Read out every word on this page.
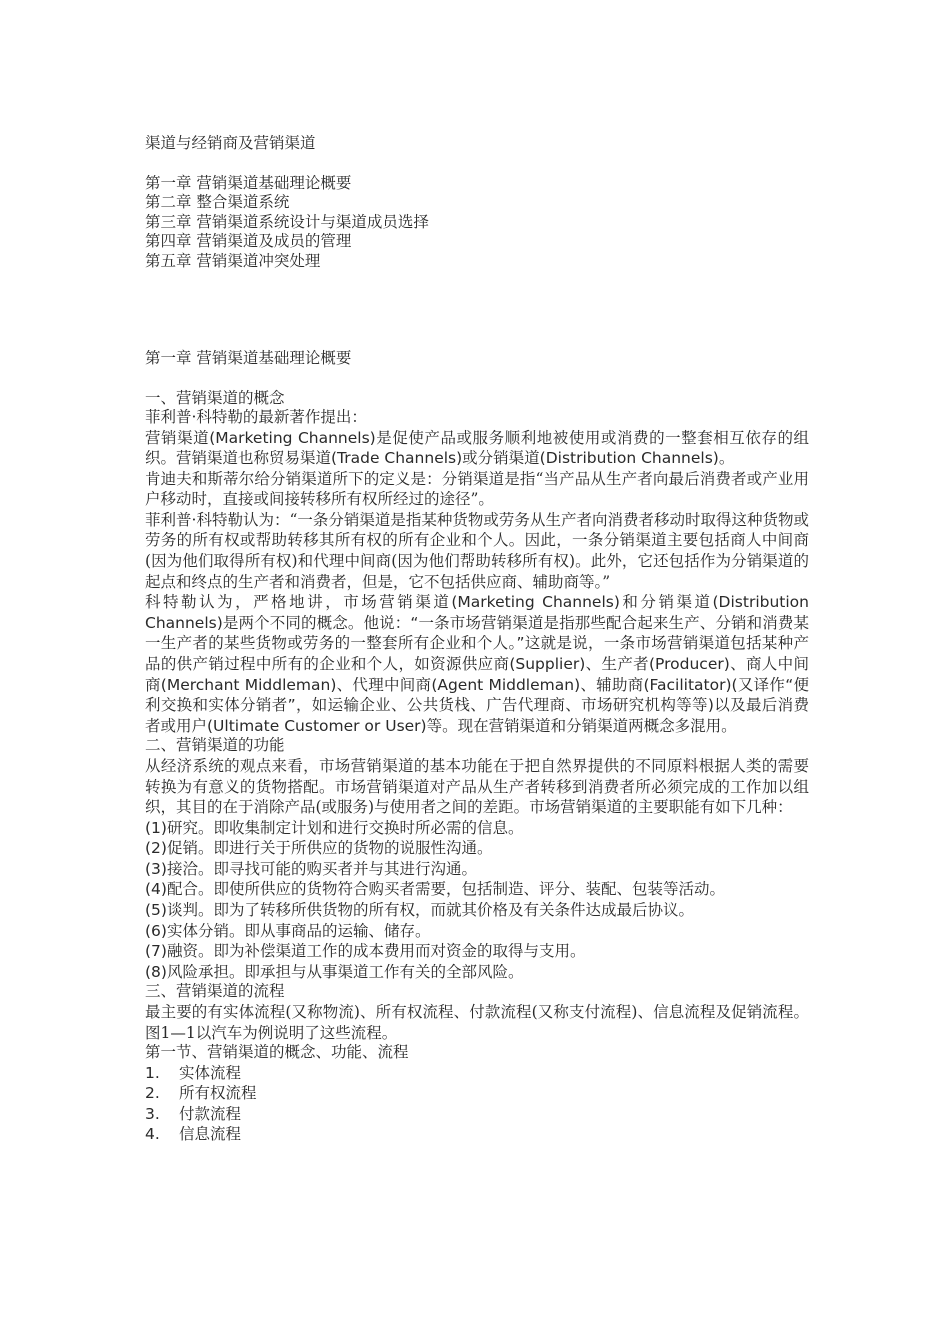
渠道与经销商及营销渠道
第一章 营销渠道基础理论概要
第二章 整合渠道系统
第三章 营销渠道系统设计与渠道成员选择
第四章 营销渠道及成员的管理
第五章 营销渠道冲突处理
第一章 营销渠道基础理论概要
一、营销渠道的概念
菲利普·科特勒的最新著作提出：
营销渠道(Marketing Channels)是促使产品或服务顺利地被使用或消费的一整套相互依存的组织。营销渠道也称贸易渠道(Trade Channels)或分销渠道(Distribution Channels)。
肯迪夫和斯蒂尔给分销渠道所下的定义是：分销渠道是指“当产品从生产者向最后消费者或产业用户移动时，直接或间接转移所有权所经过的途径”。
菲利普·科特勒认为：“一条分销渠道是指某种货物或劳务从生产者向消费者移动时取得这种货物或劳务的所有权或帮助转移其所有权的所有企业和个人。因此，一条分销渠道主要包括商人中间商(因为他们取得所有权)和代理中间商(因为他们帮助转移所有权)。此外，它还包括作为分销渠道的起点和终点的生产者和消费者，但是，它不包括供应商、辅助商等。”
科特勒认为，严格地讲，市场营销渠道(Marketing Channels)和分销渠道(Distribution Channels)是两个不同的概念。他说：“一条市场营销渠道是指那些配合起来生产、分销和消费某一生产者的某些货物或劳务的一整套所有企业和个人。”这就是说，一条市场营销渠道包括某种产品的供产销过程中所有的企业和个人，如资源供应商(Supplier)、生产者(Producer)、商人中间商(Merchant Middleman)、代理中间商(Agent Middleman)、辅助商(Facilitator)(又译作“便利交换和实体分销者”，如运输企业、公共货栈、广告代理商、市场研究机构等等)以及最后消费者或用户(Ultimate Customer or User)等。现在营销渠道和分销渠道两概念多混用。
二、营销渠道的功能
从经济系统的观点来看，市场营销渠道的基本功能在于把自然界提供的不同原料根据人类的需要转换为有意义的货物搭配。市场营销渠道对产品从生产者转移到消费者所必须完成的工作加以组织，其目的在于消除产品(或服务)与使用者之间的差距。市场营销渠道的主要职能有如下几种：
(1)研究。即收集制定计划和进行交换时所必需的信息。
(2)促销。即进行关于所供应的货物的说服性沟通。
(3)接洽。即寻找可能的购买者并与其进行沟通。
(4)配合。即使所供应的货物符合购买者需要，包括制造、评分、装配、包装等活动。
(5)谈判。即为了转移所供货物的所有权，而就其价格及有关条件达成最后协议。
(6)实体分销。即从事商品的运输、储存。
(7)融资。即为补偿渠道工作的成本费用而对资金的取得与支用。
(8)风险承担。即承担与从事渠道工作有关的全部风险。
三、营销渠道的流程
最主要的有实体流程(又称物流)、所有权流程、付款流程(又称支付流程)、信息流程及促销流程。图1—1以汽车为例说明了这些流程。
第一节、营销渠道的概念、功能、流程
1. 实体流程
2. 所有权流程
3. 付款流程
4. 信息流程
